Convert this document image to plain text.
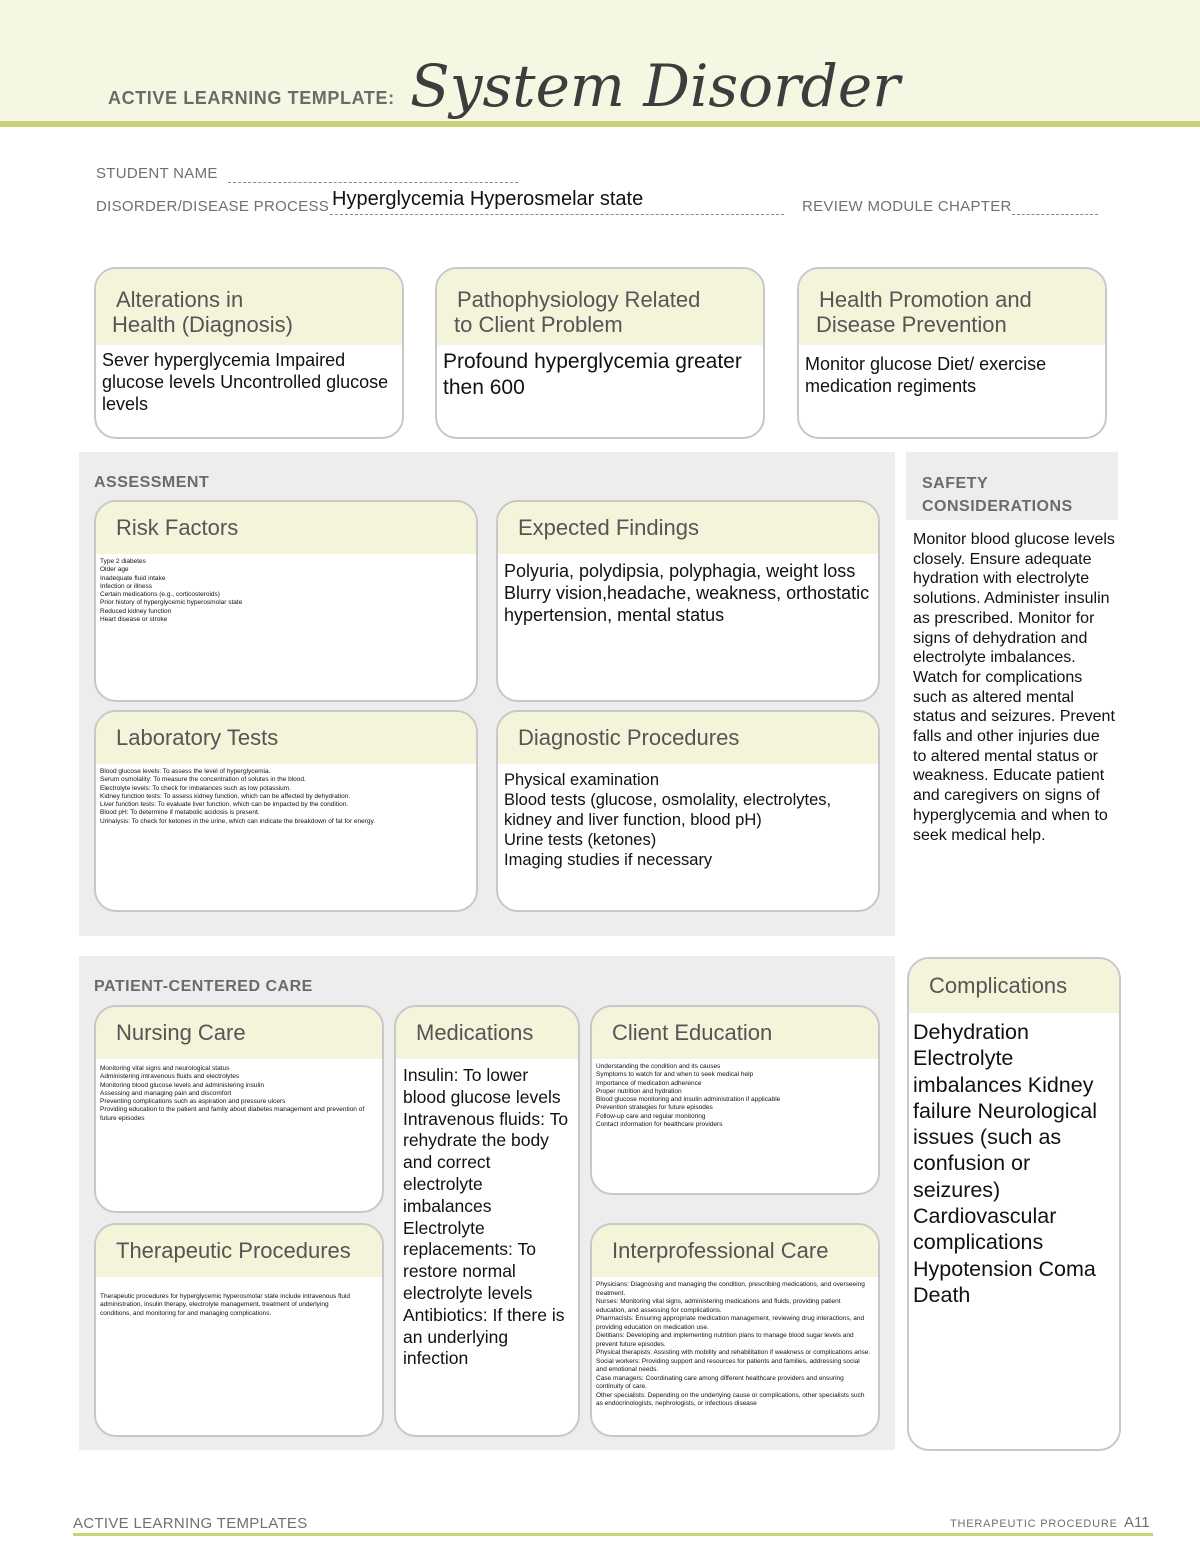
ACTIVE LEARNING TEMPLATE: System Disorder
STUDENT NAME
DISORDER/DISEASE PROCESS Hyperglycemia Hyperosmelar state	REVIEW MODULE CHAPTER
Alterations in
Health (Diagnosis)
Sever hyperglycemia Impaired glucose levels Uncontrolled glucose levels
Pathophysiology Related
to Client Problem
Profound hyperglycemia greater then 600
Health Promotion and
Disease Prevention
Monitor glucose Diet/ exercise medication regiments
ASSESSMENT
Risk Factors
Type 2 diabetes
Older age
Inadequate fluid intake
Infection or illness
Certain medications (e.g., corticosteroids)
Prior history of hyperglycemic hyperosmolar state
Reduced kidney function
Heart disease or stroke
Expected Findings
Polyuria, polydipsia, polyphagia, weight loss Blurry vision,headache, weakness, orthostatic hypertension, mental status
Laboratory Tests
Blood glucose levels: To assess the level of hyperglycemia.
Serum osmolality: To measure the concentration of solutes in the blood.
Electrolyte levels: To check for imbalances such as low potassium.
Kidney function tests: To assess kidney function, which can be affected by dehydration.
Liver function tests: To evaluate liver function, which can be impacted by the condition.
Blood pH: To determine if metabolic acidosis is present.
Urinalysis: To check for ketones in the urine, which can indicate the breakdown of fat for energy.
Diagnostic Procedures
Physical examination
Blood tests (glucose, osmolality, electrolytes, kidney and liver function, blood pH)
Urine tests (ketones)
Imaging studies if necessary
SAFETY
CONSIDERATIONS
Monitor blood glucose levels closely. Ensure adequate hydration with electrolyte solutions. Administer insulin as prescribed. Monitor for signs of dehydration and electrolyte imbalances. Watch for complications such as altered mental status and seizures. Prevent falls and other injuries due to altered mental status or weakness. Educate patient and caregivers on signs of hyperglycemia and when to seek medical help.
PATIENT-CENTERED CARE
Nursing Care
Monitoring vital signs and neurological status
Administering intravenous fluids and electrolytes
Monitoring blood glucose levels and administering insulin
Assessing and managing pain and discomfort
Preventing complications such as aspiration and pressure ulcers
Providing education to the patient and family about diabetes management and prevention of future episodes
Medications
Insulin: To lower blood glucose levels Intravenous fluids: To rehydrate the body and correct electrolyte imbalances Electrolyte replacements: To restore normal electrolyte levels Antibiotics: If there is an underlying infection
Client Education
Understanding the condition and its causes
Symptoms to watch for and when to seek medical help
Importance of medication adherence
Proper nutrition and hydration
Blood glucose monitoring and insulin administration if applicable
Prevention strategies for future episodes
Follow-up care and regular monitoring
Contact information for healthcare providers
Therapeutic Procedures
Therapeutic procedures for hyperglycemic hyperosmolar state include intravenous fluid administration, insulin therapy, electrolyte management, treatment of underlying conditions, and monitoring for and managing complications.
Interprofessional Care
Physicians: Diagnosing and managing the condition, prescribing medications, and overseeing treatment.
Nurses: Monitoring vital signs, administering medications and fluids, providing patient education, and assessing for complications.
Pharmacists: Ensuring appropriate medication management, reviewing drug interactions, and providing education on medication use.
Dietitians: Developing and implementing nutrition plans to manage blood sugar levels and prevent future episodes.
Physical therapists: Assisting with mobility and rehabilitation if weakness or complications arise.
Social workers: Providing support and resources for patients and families, addressing social and emotional needs.
Case managers: Coordinating care among different healthcare providers and ensuring continuity of care.
Other specialists: Depending on the underlying cause or complications, other specialists such as endocrinologists, nephrologists, or infectious disease
Complications
Dehydration Electrolyte imbalances Kidney failure Neurological issues (such as confusion or seizures) Cardiovascular complications Hypotension Coma Death
ACTIVE LEARNING TEMPLATES	THERAPEUTIC PROCEDURE A11
